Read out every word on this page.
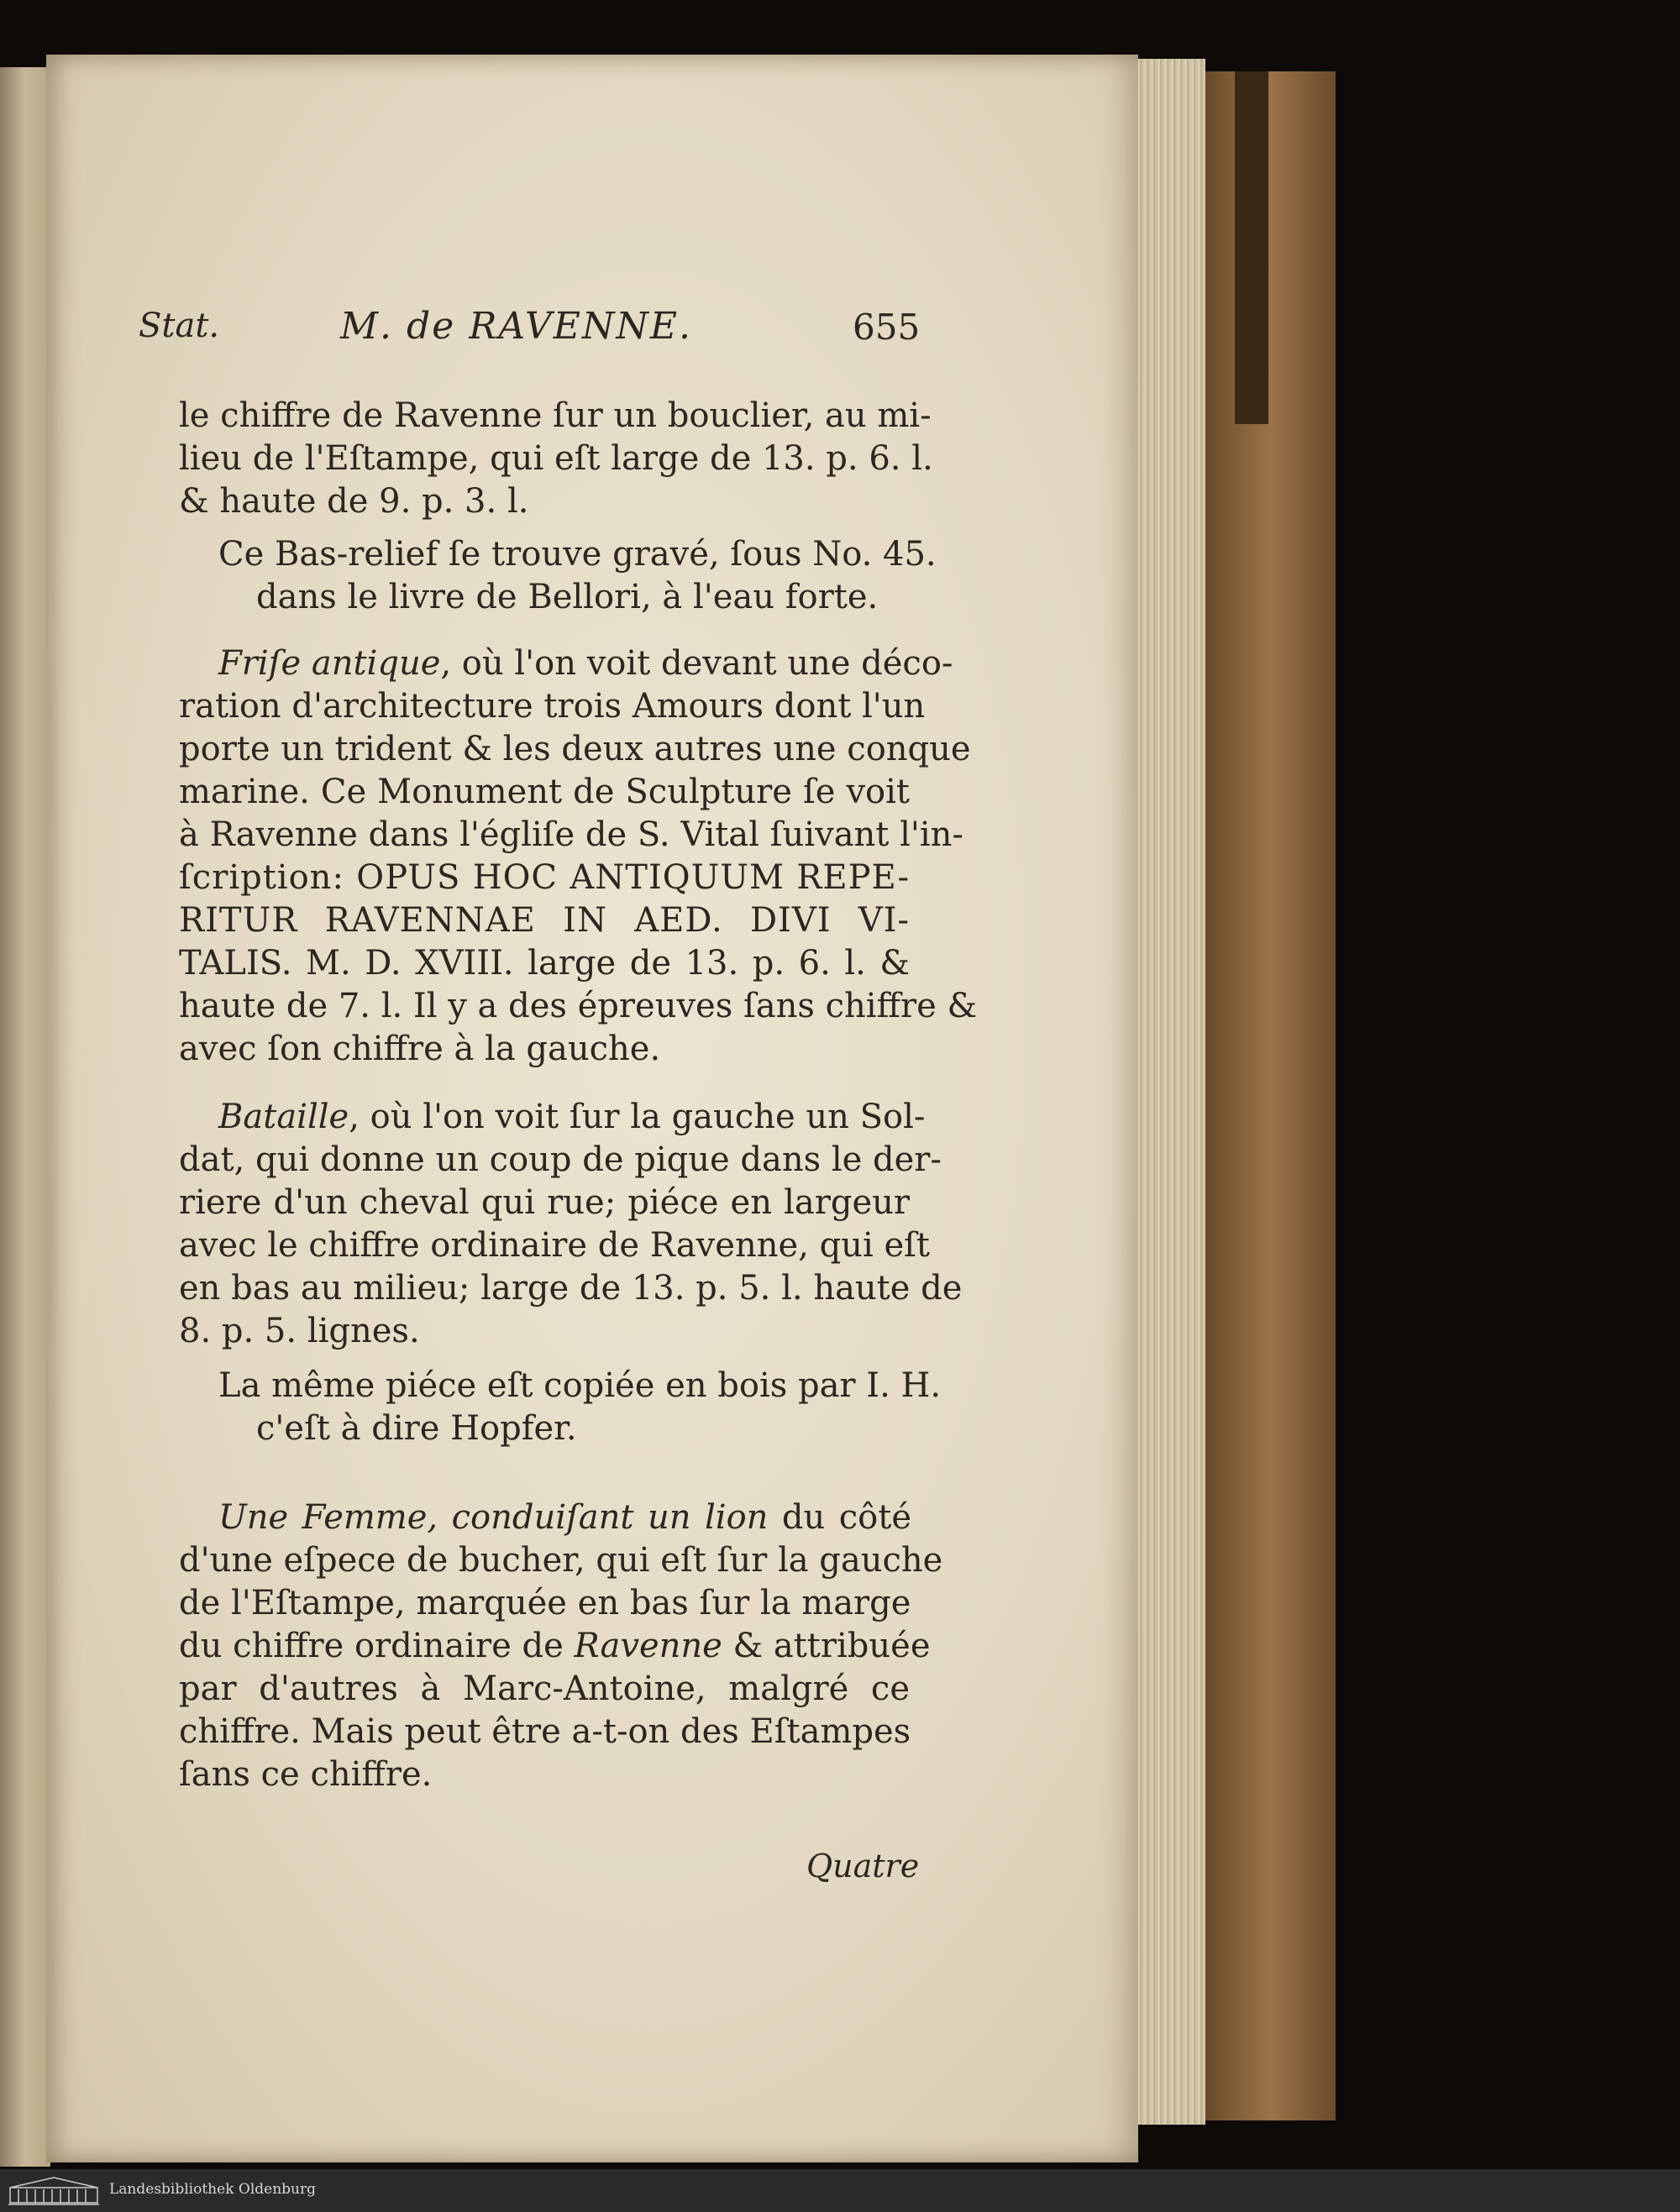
Stat.	M. de RAVENNE.	655
le chiffre de Ravenne ſur un bouclier, au mi-
lieu de l'Eſtampe, qui eſt large de 13. p. 6. l.
& haute de 9. p. 3. l.
Ce Bas-relief ſe trouve gravé, ſous No. 45.
dans le livre de Bellori, à l'eau forte.
Friſe antique, où l'on voit devant une déco-
ration d'architecture trois Amours dont l'un
porte un trident & les deux autres une conque
marine. Ce Monument de Sculpture ſe voit
à Ravenne dans l'égliſe de S. Vital ſuivant l'in-
ſcription: OPUS HOC ANTIQUUM REPE-
RITUR RAVENNAE IN AED. DIVI VI-
TALIS. M. D. XVIII. large de 13. p. 6. l. &
haute de 7. l. Il y a des épreuves ſans chiffre &
avec ſon chiffre à la gauche.
Bataille, où l'on voit ſur la gauche un Sol-
dat, qui donne un coup de pique dans le der-
riere d'un cheval qui rue; piéce en largeur
avec le chiffre ordinaire de Ravenne, qui eſt
en bas au milieu; large de 13. p. 5. l. haute de
8. p. 5. lignes.
La même piéce eſt copiée en bois par I. H.
c'eſt à dire Hopfer.
Une Femme, conduiſant un lion du côté
d'une eſpece de bucher, qui eſt ſur la gauche
de l'Eſtampe, marquée en bas ſur la marge
du chiffre ordinaire de Ravenne & attribuée
par d'autres à Marc-Antoine, malgré ce
chiffre. Mais peut être a-t-on des Eſtampes
ſans ce chiffre.
Quatre
Landesbibliothek Oldenburg
